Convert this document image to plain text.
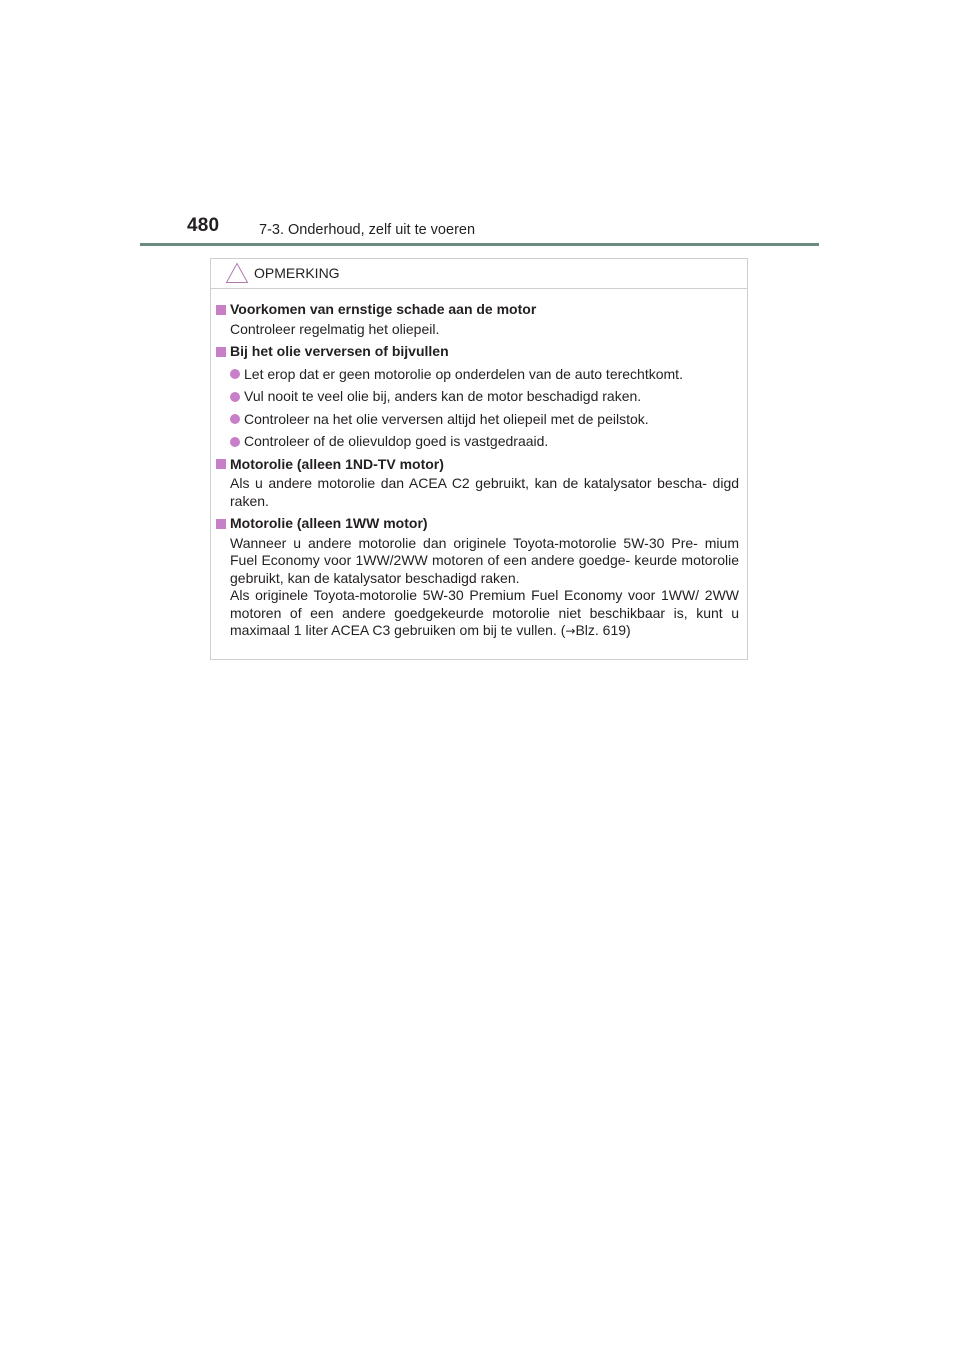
480	7-3. Onderhoud, zelf uit te voeren
OPMERKING
Voorkomen van ernstige schade aan de motor
Controleer regelmatig het oliepeil.
Bij het olie verversen of bijvullen
Let erop dat er geen motorolie op onderdelen van de auto terechtkomt.
Vul nooit te veel olie bij, anders kan de motor beschadigd raken.
Controleer na het olie verversen altijd het oliepeil met de peilstok.
Controleer of de olievuldop goed is vastgedraaid.
Motorolie (alleen 1ND-TV motor)
Als u andere motorolie dan ACEA C2 gebruikt, kan de katalysator bescha- digd raken.
Motorolie (alleen 1WW motor)
Wanneer u andere motorolie dan originele Toyota-motorolie 5W-30 Pre- mium Fuel Economy voor 1WW/2WW motoren of een andere goedge- keurde motorolie gebruikt, kan de katalysator beschadigd raken.
Als originele Toyota-motorolie 5W-30 Premium Fuel Economy voor 1WW/ 2WW motoren of een andere goedgekeurde motorolie niet beschikbaar is, kunt u maximaal 1 liter ACEA C3 gebruiken om bij te vullen. (→Blz. 619)
